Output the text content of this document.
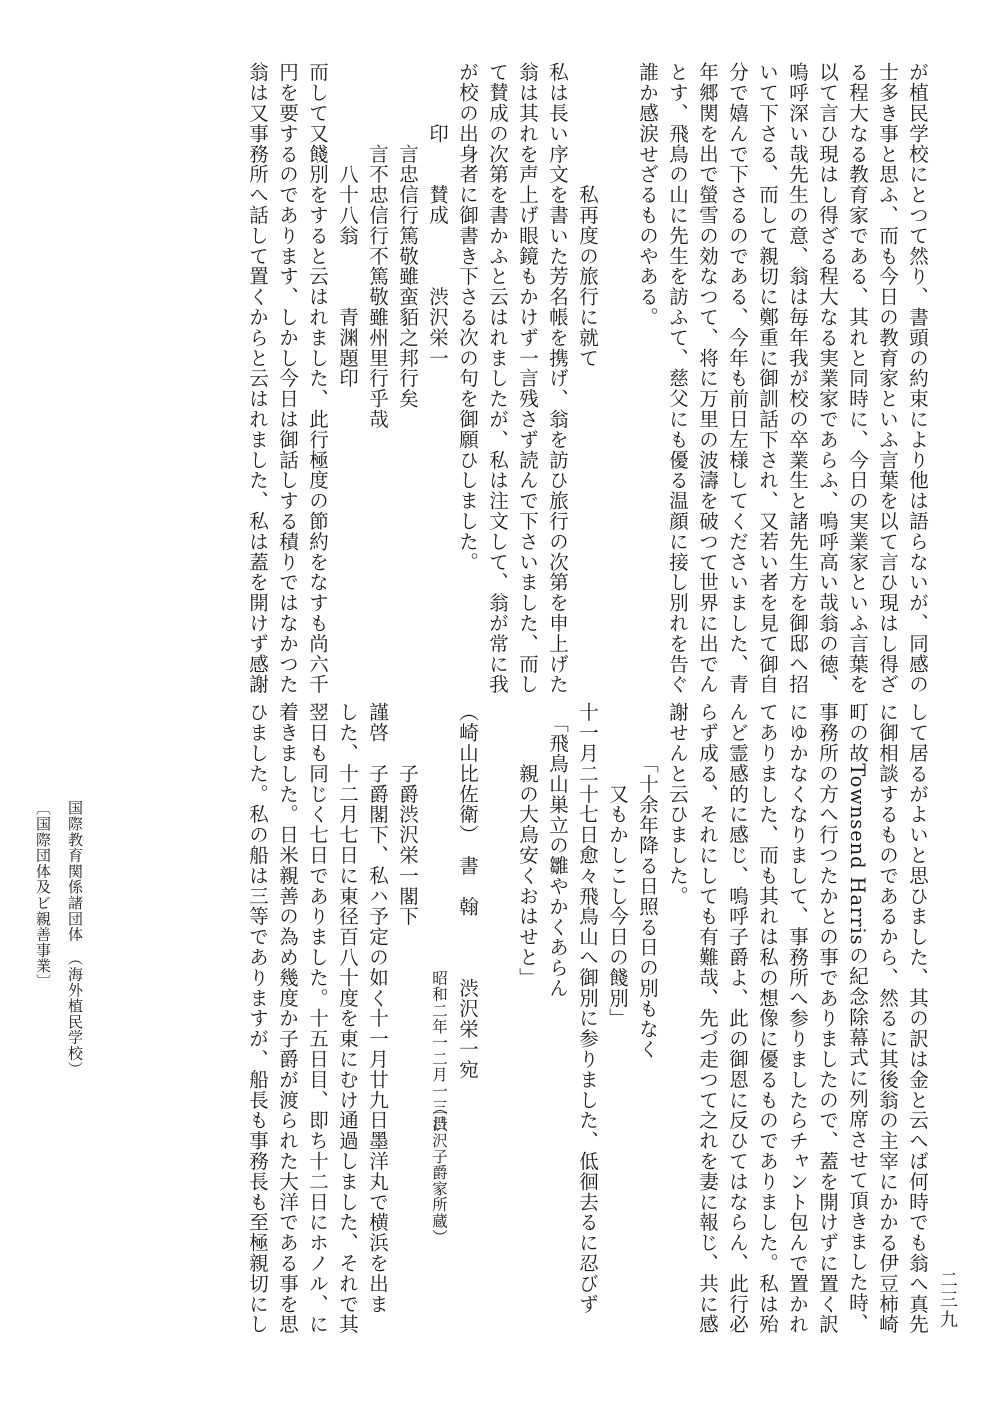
〔国際団体及ビ親善事業〕 国際教育関係諸団体　（海外植民学校）
二三九
が植民学校にとつて然り、書頭の約束により他は語らないが、同感の
士多き事と思ふ、而も今日の教育家といふ言葉を以て言ひ現はし得ざ
る程大なる教育家である、其れと同時に、今日の実業家といふ言葉を
以て言ひ現はし得ざる程大なる実業家であらふ、嗚呼高い哉翁の徳、
嗚呼深い哉先生の意、翁は毎年我が校の卒業生と諸先生方を御邸へ招
いて下さる、而して親切に鄭重に御訓話下され、又若い者を見て御自
分で嬉んで下さるのである、今年も前日左様してくださいました、青
年郷関を出で螢雪の効なつて、将に万里の波濤を破つて世界に出でん
とす、飛鳥の山に先生を訪ふて、慈父にも優る温顔に接し別れを告ぐ
誰か感涙せざるものやある。
　　　　　　私再度の旅行に就て
私は長い序文を書いた芳名帳を携げ、翁を訪ひ旅行の次第を申上げた
翁は其れを声上げ眼鏡もかけず一言残さず読んで下さいました、而し
て賛成の次第を書かふと云はれましたが、私は注文して、翁が常に我
が校の出身者に御書き下さる次の句を御願ひしました。
　　　印　　賛成　　　渋沢栄一
　　　　言忠信行篤敬雖蛮貊之邦行矣
　　　　言不忠信行不篤敬雖州里行乎哉
　　　　　八十八翁　　　青渊題印
而して又餞別をすると云はれました、此行極度の節約をなすも尚六千
円を要するのであります、しかし今日は御話しする積りではなかつた
翁は又事務所へ話して置くからと云はれました、私は蓋を開けず感謝
して居るがよいと思ひました、其の訳は金と云へば何時でも翁へ真先
に御相談するものであるから、然るに其後翁の主宰にかかる伊豆柿崎
町の故Townsend Harrisの紀念除幕式に列席させて頂きました時、
事務所の方へ行つたかとの事でありましたので、蓋を開けずに置く訳
にゆかなくなりまして、事務所へ参りましたらチャント包んで置かれ
てありました、而も其れは私の想像に優るものでありました。私は殆
んど霊感的に感じ、嗚呼子爵よ、此の御恩に反ひてはならん、此行必
らず成る、それにしても有難哉、先づ走つて之れを妻に報じ、共に感
謝せんと云ひました。
　　　「十余年降る日照る日の別もなく
　　　　又もかしこし今日の餞別」
十一月二十七日愈々飛鳥山へ御別に参りました、低徊去るに忍びず
　「飛鳥山巣立の雛やかくあらん
　　　親の大鳥安くおはせと」
（崎山比佐衛）　書　翰　　　渋沢栄一宛
昭和二年一二月一三日
（渋沢子爵家所蔵）
　　　子爵渋沢栄一閣下
謹啓　子爵閣下、私ハ予定の如く十一月廿九日墨洋丸で横浜を出ま
した、十二月七日に東径百八十度を東にむけ通過しました、それで其
翌日も同じく七日でありました。十五日目、即ち十二日にホノル、に
着きました。日米親善の為め幾度か子爵が渡られた大洋である事を思
ひました。私の船は三等でありますが、船長も事務長も至極親切にし
